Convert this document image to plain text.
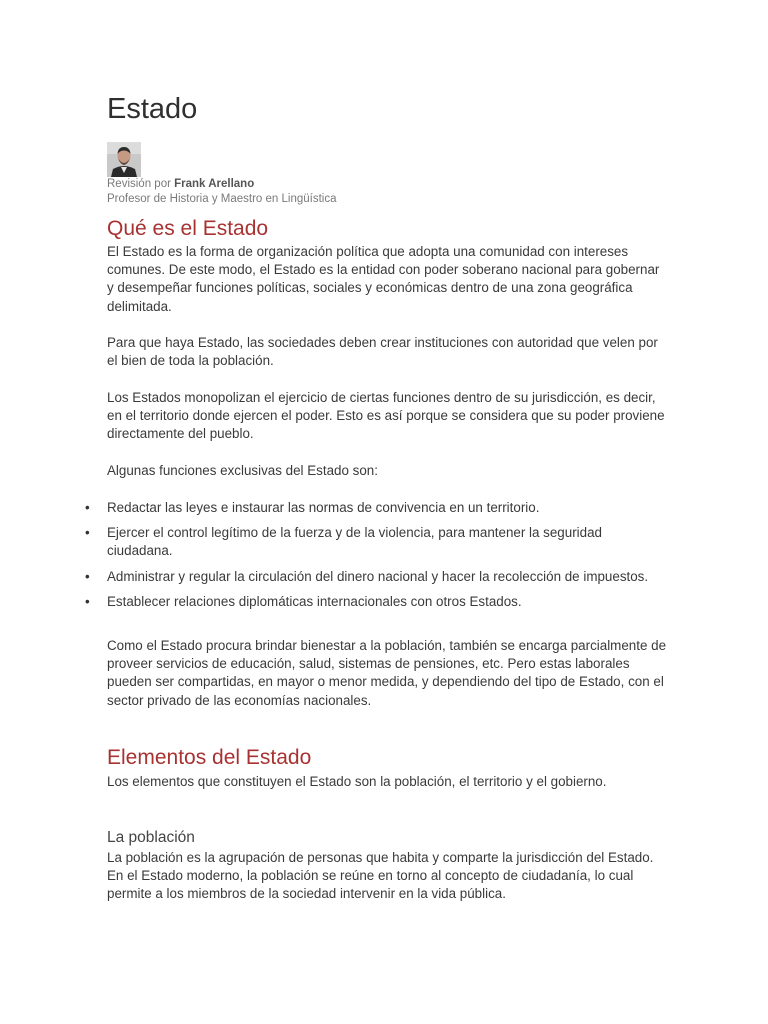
Estado
Revisión por Frank Arellano
Profesor de Historia y Maestro en Lingüística
Qué es el Estado

El Estado es la forma de organización política que adopta una comunidad con intereses comunes. De este modo, el Estado es la entidad con poder soberano nacional para gobernar y desempeñar funciones políticas, sociales y económicas dentro de una zona geográfica delimitada.

Para que haya Estado, las sociedades deben crear instituciones con autoridad que velen por el bien de toda la población.

Los Estados monopolizan el ejercicio de ciertas funciones dentro de su jurisdicción, es decir, en el territorio donde ejercen el poder. Esto es así porque se considera que su poder proviene directamente del pueblo.

Algunas funciones exclusivas del Estado son:

• Redactar las leyes e instaurar las normas de convivencia en un territorio.
• Ejercer el control legítimo de la fuerza y de la violencia, para mantener la seguridad ciudadana.
• Administrar y regular la circulación del dinero nacional y hacer la recolección de impuestos.
• Establecer relaciones diplomáticas internacionales con otros Estados.

Como el Estado procura brindar bienestar a la población, también se encarga parcialmente de proveer servicios de educación, salud, sistemas de pensiones, etc. Pero estas laborales pueden ser compartidas, en mayor o menor medida, y dependiendo del tipo de Estado, con el sector privado de las economías nacionales.

Elementos del Estado

Los elementos que constituyen el Estado son la población, el territorio y el gobierno.

La población

La población es la agrupación de personas que habita y comparte la jurisdicción del Estado. En el Estado moderno, la población se reúne en torno al concepto de ciudadanía, lo cual permite a los miembros de la sociedad intervenir en la vida pública.
